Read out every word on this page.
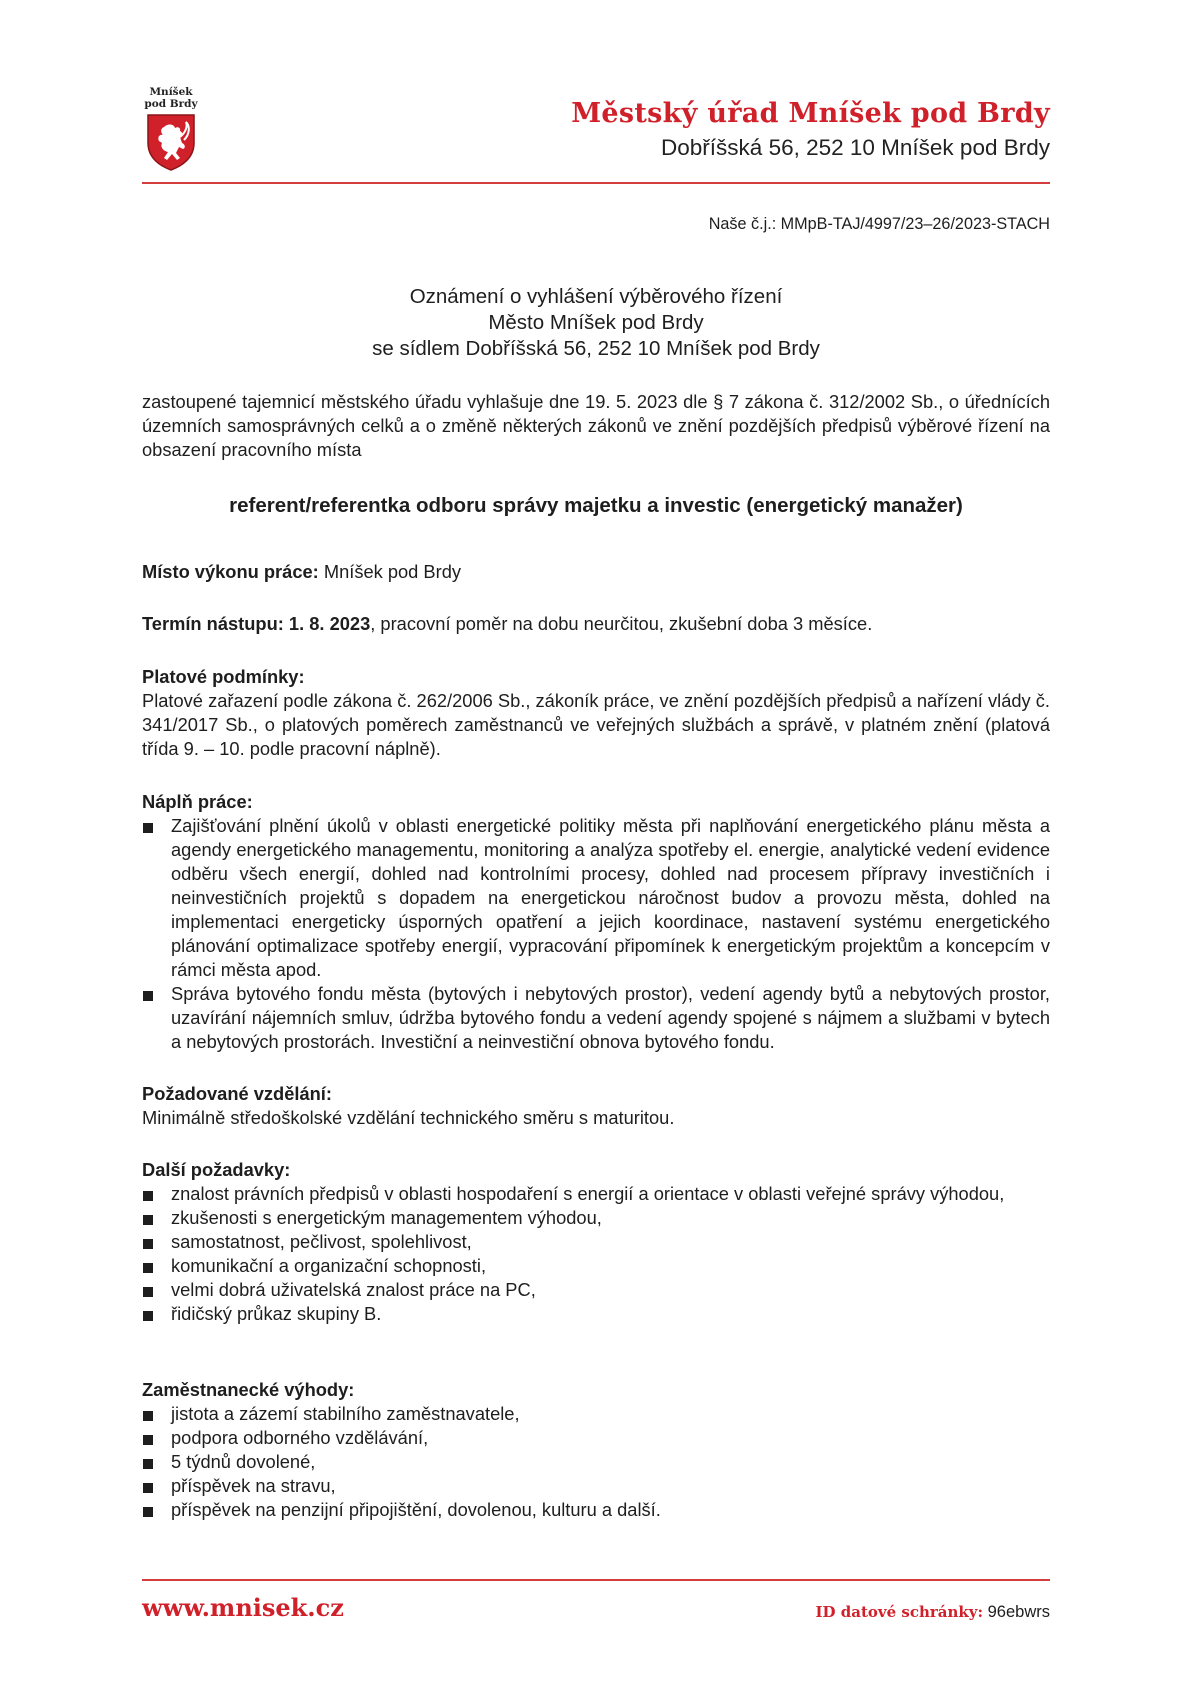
Mníšek
pod Brdy	Městský úřad Mníšek pod Brdy
Dobříšská 56, 252 10 Mníšek pod Brdy
Naše č.j.: MMpB-TAJ/4997/23–26/2023-STACH
Oznámení o vyhlášení výběrového řízení
Město Mníšek pod Brdy
se sídlem Dobříšská 56, 252 10 Mníšek pod Brdy
zastoupené tajemnicí městského úřadu vyhlašuje dne 19. 5. 2023 dle § 7 zákona č. 312/2002 Sb., o úřednících územních samosprávných celků a o změně některých zákonů ve znění pozdějších předpisů výběrové řízení na obsazení pracovního místa
referent/referentka odboru správy majetku a investic (energetický manažer)
Místo výkonu práce: Mníšek pod Brdy
Termín nástupu: 1. 8. 2023, pracovní poměr na dobu neurčitou, zkušební doba 3 měsíce.
Platové podmínky:
Platové zařazení podle zákona č. 262/2006 Sb., zákoník práce, ve znění pozdějších předpisů a nařízení vlády č. 341/2017 Sb., o platových poměrech zaměstnanců ve veřejných službách a správě, v platném znění (platová třída 9. – 10. podle pracovní náplně).
Náplň práce:
Zajišťování plnění úkolů v oblasti energetické politiky města při naplňování energetického plánu města a agendy energetického managementu, monitoring a analýza spotřeby el. energie, analytické vedení evidence odběru všech energií, dohled nad kontrolními procesy, dohled nad procesem přípravy investičních i neinvestičních projektů s dopadem na energetickou náročnost budov a provozu města, dohled na implementaci energeticky úsporných opatření a jejich koordinace, nastavení systému energetického plánování optimalizace spotřeby energií, vypracování připomínek k energetickým projektům a koncepcím v rámci města apod.
Správa bytového fondu města (bytových i nebytových prostor), vedení agendy bytů a nebytových prostor, uzavírání nájemních smluv, údržba bytového fondu a vedení agendy spojené s nájmem a službami v bytech a nebytových prostorách. Investiční a neinvestiční obnova bytového fondu.
Požadované vzdělání:
Minimálně středoškolské vzdělání technického směru s maturitou.
Další požadavky:
znalost právních předpisů v oblasti hospodaření s energií a orientace v oblasti veřejné správy výhodou,
zkušenosti s energetickým managementem výhodou,
samostatnost, pečlivost, spolehlivost,
komunikační a organizační schopnosti,
velmi dobrá uživatelská znalost práce na PC,
řidičský průkaz skupiny B.
Zaměstnanecké výhody:
jistota a zázemí stabilního zaměstnavatele,
podpora odborného vzdělávání,
5 týdnů dovolené,
příspěvek na stravu,
příspěvek na penzijní připojištění, dovolenou, kulturu a další.
www.mnisek.cz	ID datové schránky: 96ebwrs
